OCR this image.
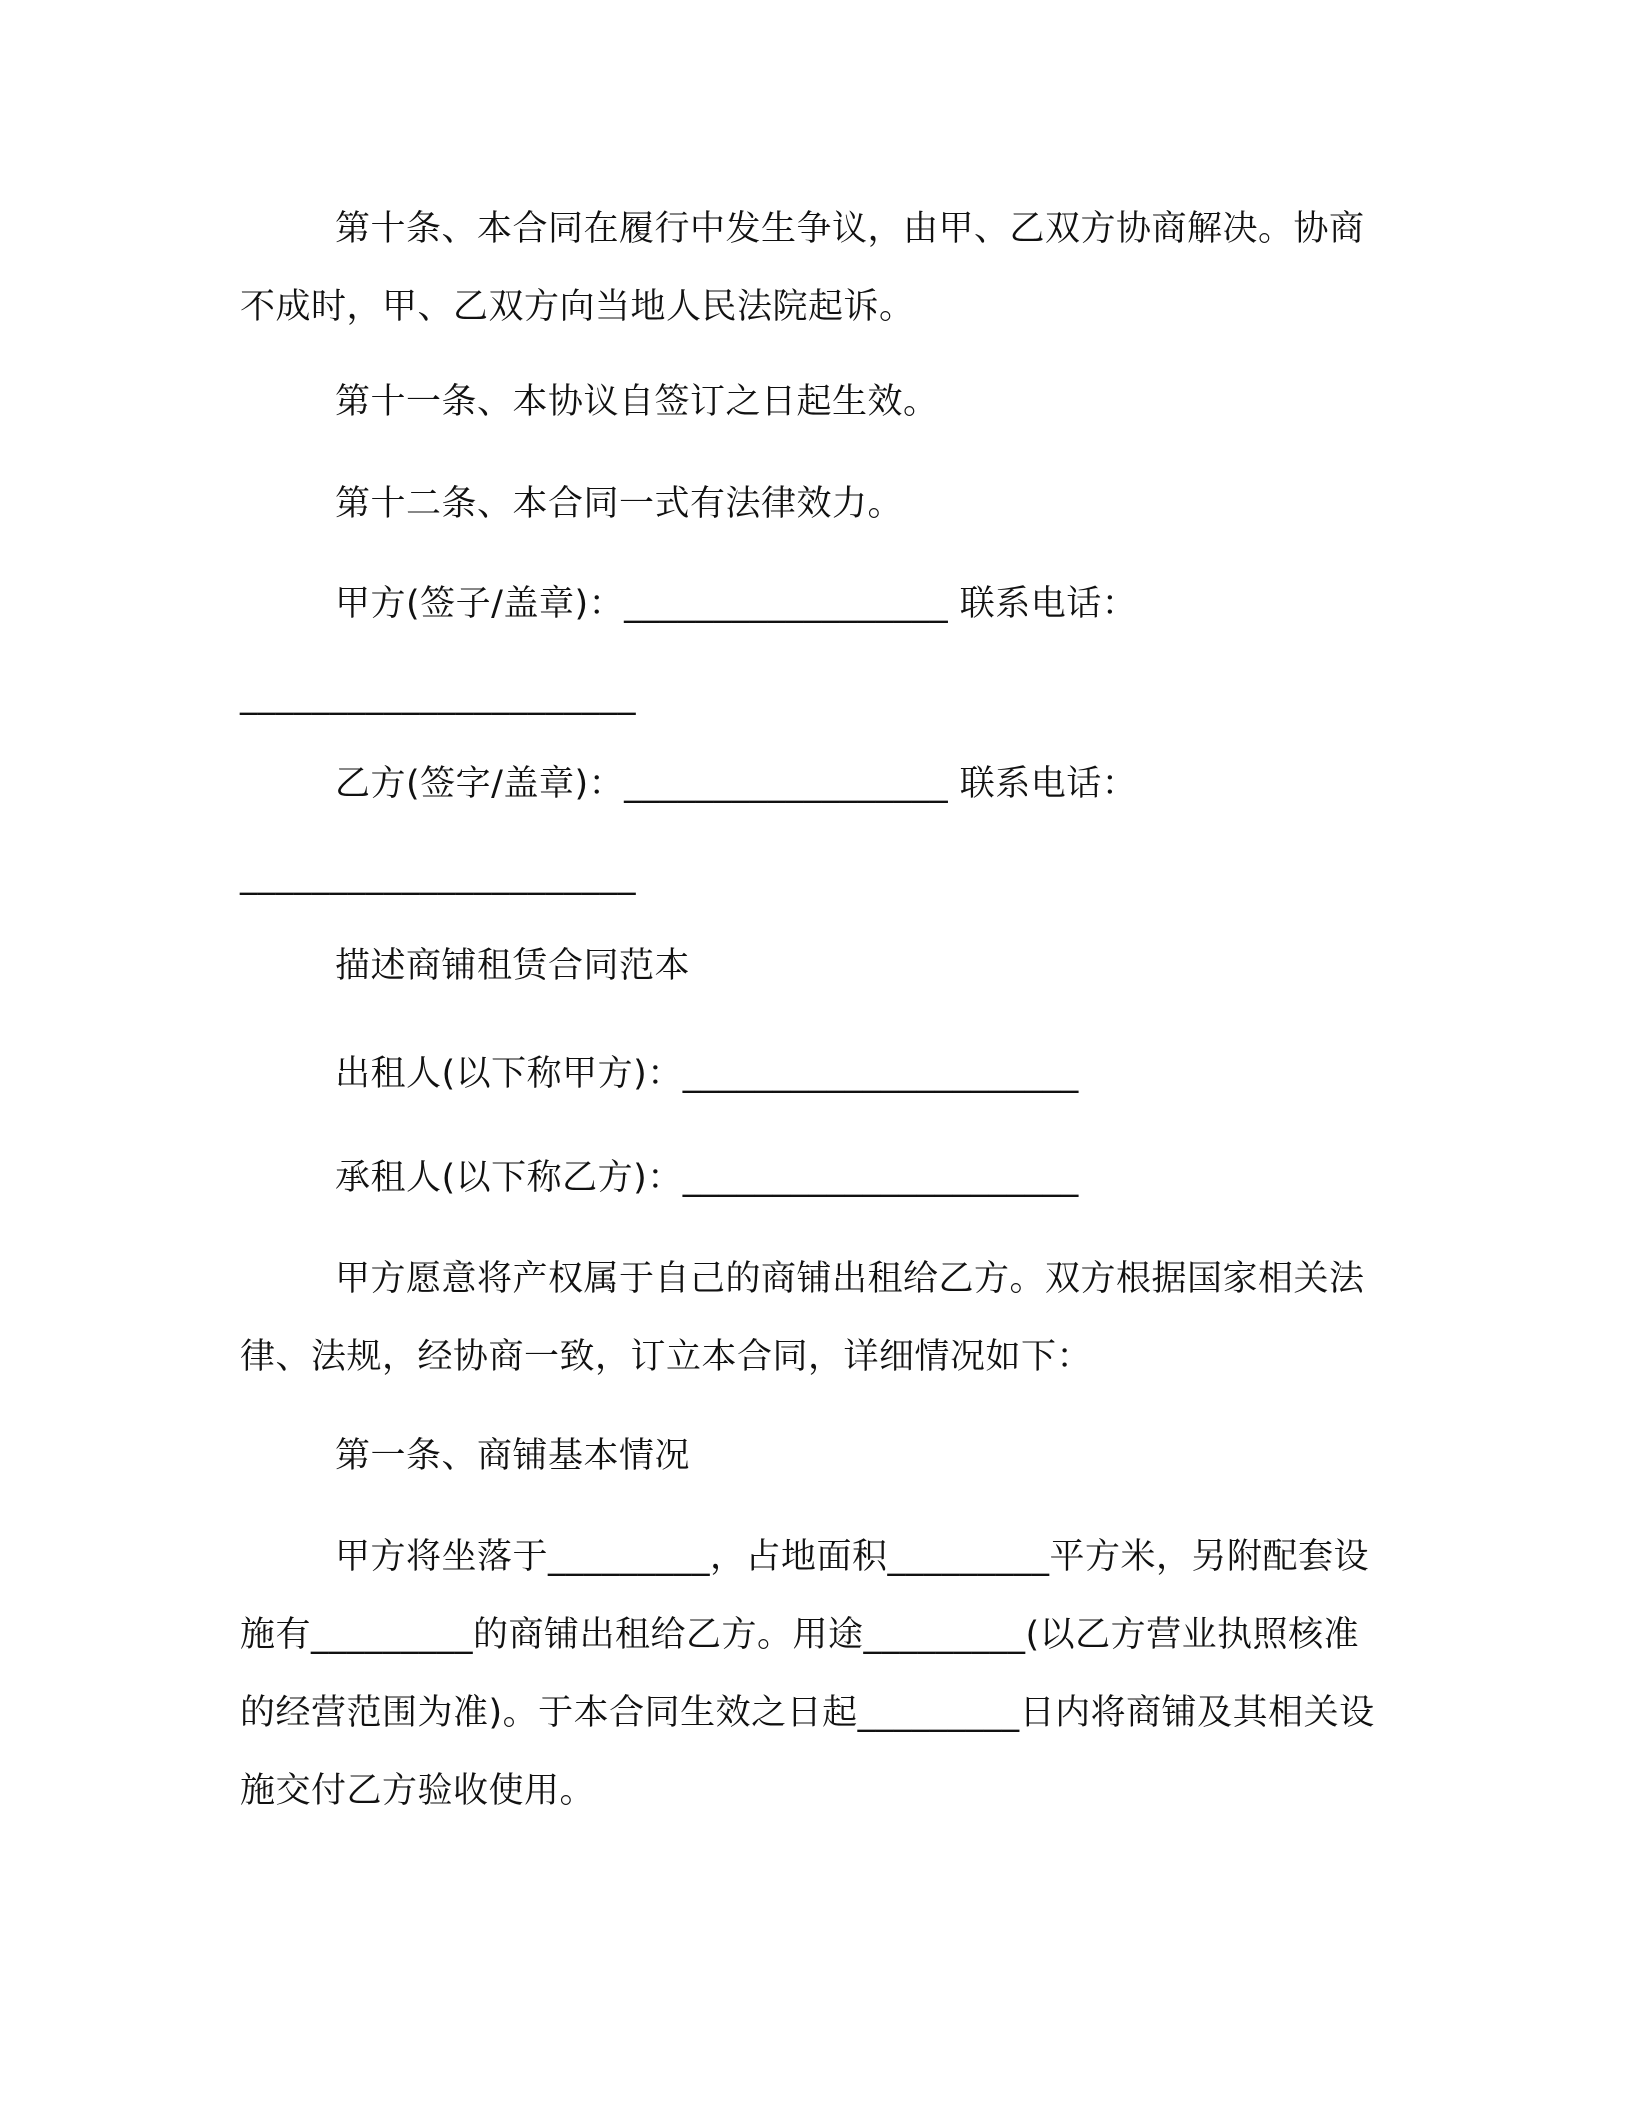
第十条、本合同在履行中发生争议，由甲、乙双方协商解决。协商不成时，甲、乙双方向当地人民法院起诉。

第十一条、本协议自签订之日起生效。

第十二条、本合同一式有法律效力。

甲方(签子/盖章)：__________________ 联系电话：

______________________

乙方(签字/盖章)：__________________ 联系电话：

______________________

描述商铺租赁合同范本

出租人(以下称甲方)：______________________

承租人(以下称乙方)：______________________

甲方愿意将产权属于自己的商铺出租给乙方。双方根据国家相关法律、法规，经协商一致，订立本合同，详细情况如下：

第一条、商铺基本情况

甲方将坐落于_________，占地面积_________平方米，另附配套设施有_________的商铺出租给乙方。用途_________(以乙方营业执照核准的经营范围为准)。于本合同生效之日起_________日内将商铺及其相关设施交付乙方验收使用。
